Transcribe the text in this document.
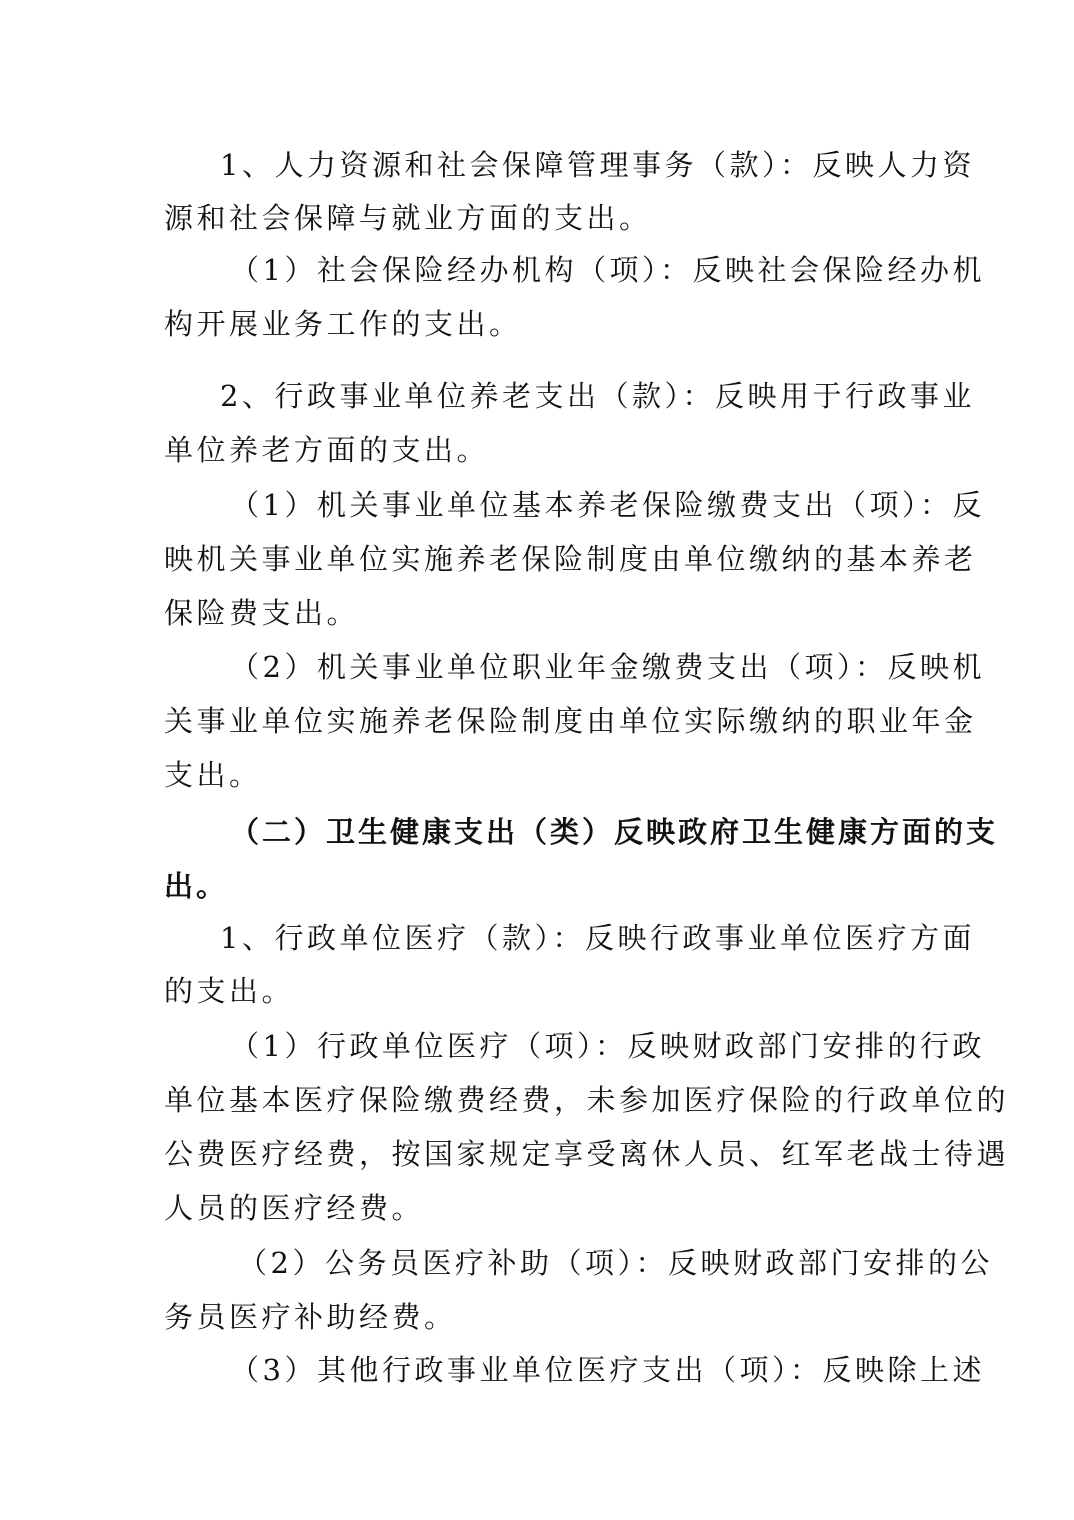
1、人力资源和社会保障管理事务（款）：反映人力资
源和社会保障与就业方面的支出。
（1）社会保险经办机构（项）：反映社会保险经办机
构开展业务工作的支出。
2、行政事业单位养老支出（款）：反映用于行政事业
单位养老方面的支出。
（1）机关事业单位基本养老保险缴费支出（项）：反
映机关事业单位实施养老保险制度由单位缴纳的基本养老
保险费支出。
（2）机关事业单位职业年金缴费支出（项）：反映机
关事业单位实施养老保险制度由单位实际缴纳的职业年金
支出。
（二）卫生健康支出（类）反映政府卫生健康方面的支
出。
1、行政单位医疗（款）：反映行政事业单位医疗方面
的支出。
（1）行政单位医疗（项）：反映财政部门安排的行政
单位基本医疗保险缴费经费，未参加医疗保险的行政单位的
公费医疗经费，按国家规定享受离休人员、红军老战士待遇
人员的医疗经费。
（2）公务员医疗补助（项）：反映财政部门安排的公
务员医疗补助经费。
（3）其他行政事业单位医疗支出（项）：反映除上述
